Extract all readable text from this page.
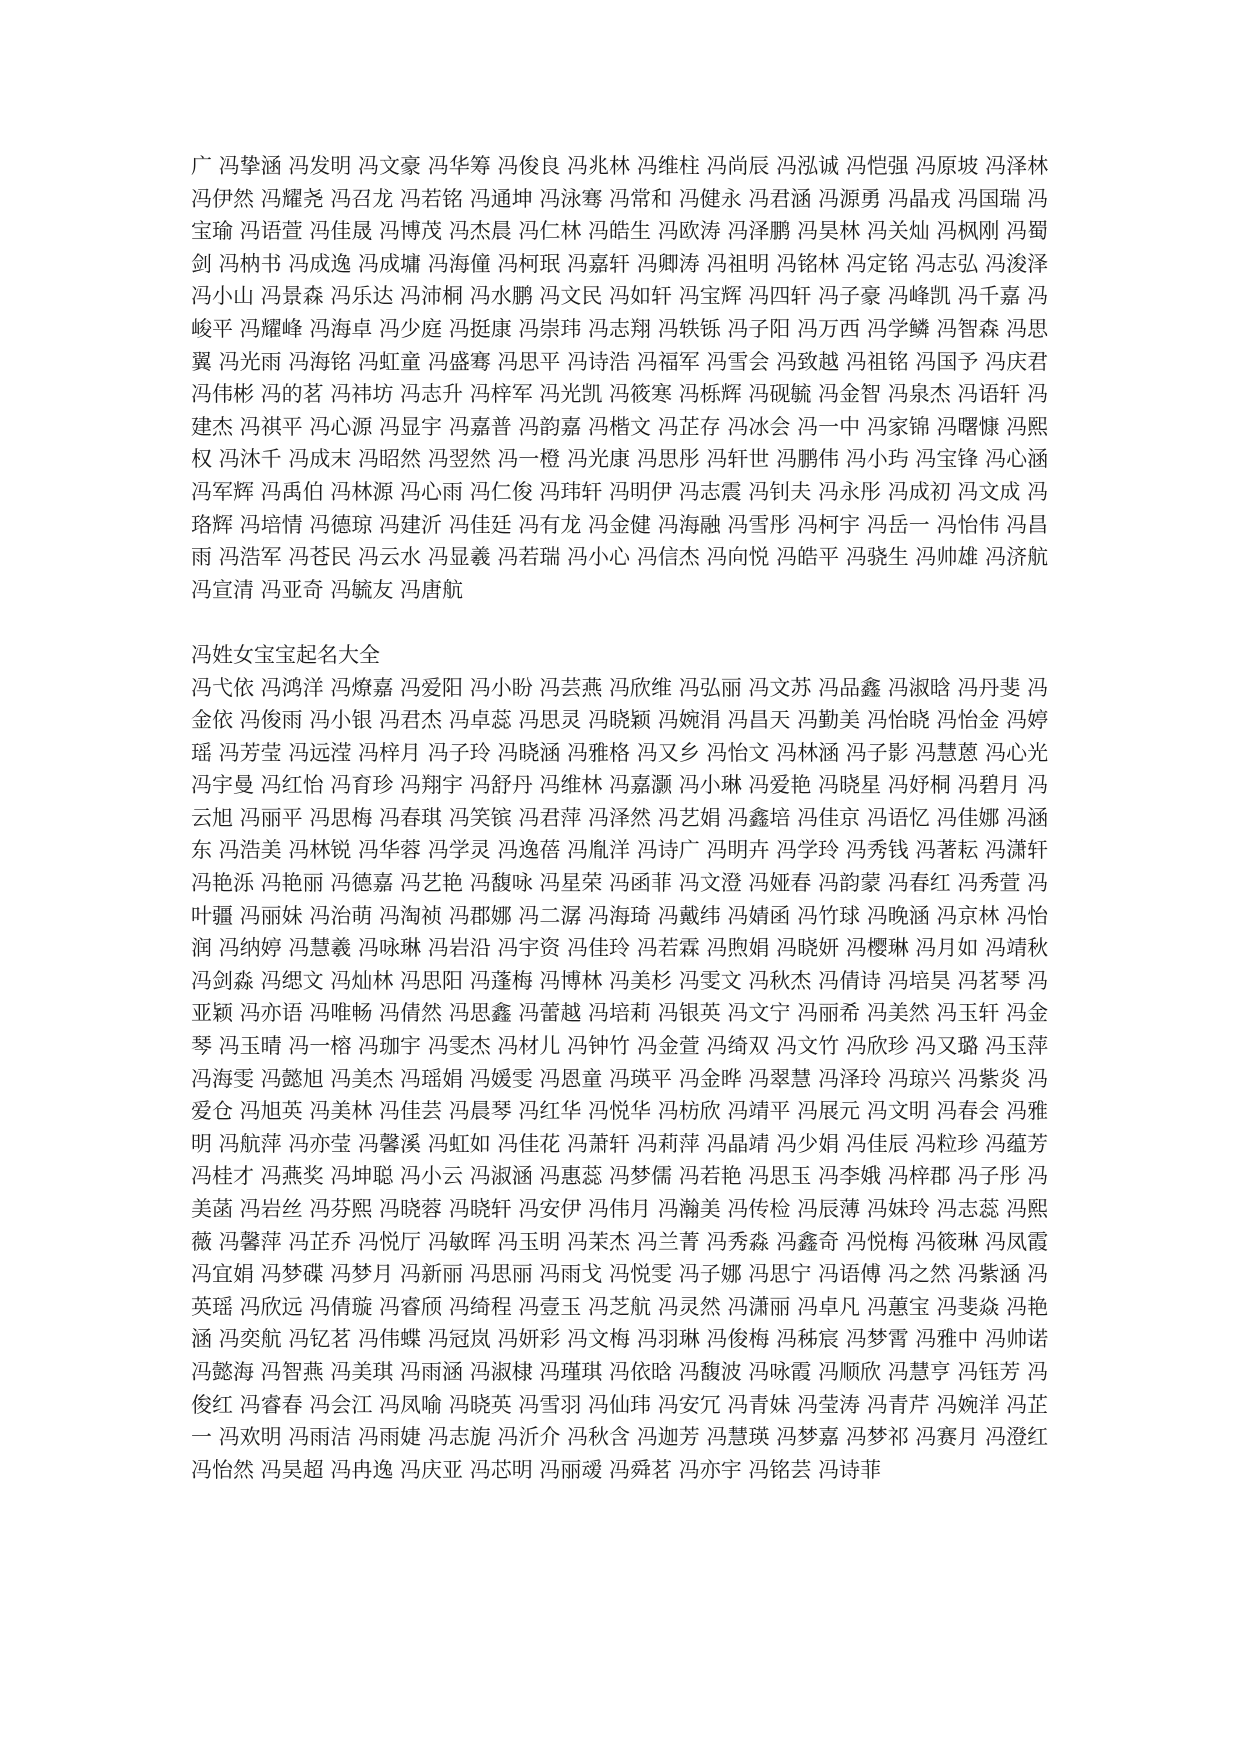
广 冯挚涵 冯发明 冯文豪 冯华筹 冯俊良 冯兆林 冯维柱 冯尚辰 冯泓诚 冯恺强 冯原坡 冯泽林 冯伊然 冯耀尧 冯召龙 冯若铭 冯通坤 冯泳骞 冯常和 冯健永 冯君涵 冯源勇 冯晶戎 冯国瑞 冯宝瑜 冯语萱 冯佳晟 冯博茂 冯杰晨 冯仁林 冯皓生 冯欧涛 冯泽鹏 冯昊林 冯关灿 冯枫刚 冯蜀剑 冯枘书 冯成逸 冯成墉 冯海僮 冯柯珉 冯嘉轩 冯卿涛 冯祖明 冯铭林 冯定铭 冯志弘 冯浚泽 冯小山 冯景森 冯乐达 冯沛桐 冯水鹏 冯文民 冯如轩 冯宝辉 冯四轩 冯子豪 冯峰凯 冯千嘉 冯峻平 冯耀峰 冯海卓 冯少庭 冯挺康 冯崇玮 冯志翔 冯轶铄 冯子阳 冯万西 冯学鳞 冯智森 冯思翼 冯光雨 冯海铭 冯虹童 冯盛骞 冯思平 冯诗浩 冯福军 冯雪会 冯致越 冯祖铭 冯国予 冯庆君 冯伟彬 冯的茗 冯祎坊 冯志升 冯梓军 冯光凯 冯筱寒 冯栎辉 冯砚毓 冯金智 冯泉杰 冯语轩 冯建杰 冯祺平 冯心源 冯显宇 冯嘉普 冯韵嘉 冯楷文 冯芷存 冯冰会 冯一中 冯家锦 冯曙慷 冯熙权 冯沐千 冯成末 冯昭然 冯翌然 冯一橙 冯光康 冯思彤 冯轩世 冯鹏伟 冯小玙 冯宝锋 冯心涵 冯军辉 冯禹伯 冯林源 冯心雨 冯仁俊 冯玮轩 冯明伊 冯志震 冯钊夫 冯永彤 冯成初 冯文成 冯珞辉 冯培情 冯德琼 冯建沂 冯佳廷 冯有龙 冯金健 冯海融 冯雪彤 冯柯宇 冯岳一 冯怡伟 冯昌雨 冯浩军 冯苍民 冯云水 冯显羲 冯若瑞 冯小心 冯信杰 冯向悦 冯皓平 冯骁生 冯帅雄 冯济航 冯宣清 冯亚奇 冯毓友 冯唐航

冯姓女宝宝起名大全

冯弋依 冯鸿洋 冯燎嘉 冯爱阳 冯小盼 冯芸燕 冯欣维 冯弘丽 冯文苏 冯品鑫 冯淑晗 冯丹斐 冯金依 冯俊雨 冯小银 冯君杰 冯卓蕊 冯思灵 冯晓颖 冯婉涓 冯昌天 冯勤美 冯怡晓 冯怡金 冯婷瑶 冯芳莹 冯远滢 冯梓月 冯子玲 冯晓涵 冯雅格 冯又乡 冯怡文 冯林涵 冯子影 冯慧蒽 冯心光 冯宇曼 冯红怡 冯育珍 冯翔宇 冯舒丹 冯维林 冯嘉灏 冯小琳 冯爱艳 冯晓星 冯妤桐 冯碧月 冯云旭 冯丽平 冯思梅 冯春琪 冯笑镔 冯君萍 冯泽然 冯艺娟 冯鑫培 冯佳京 冯语忆 冯佳娜 冯涵东 冯浩美 冯林锐 冯华蓉 冯学灵 冯逸蓓 冯胤洋 冯诗广 冯明卉 冯学玲 冯秀钱 冯著耘 冯潇轩 冯艳泺 冯艳丽 冯德嘉 冯艺艳 冯馥咏 冯星荣 冯函菲 冯文澄 冯娅春 冯韵蒙 冯春红 冯秀萱 冯叶疆 冯丽妹 冯治萌 冯淘祯 冯郡娜 冯二潺 冯海琦 冯戴纬 冯婧函 冯竹球 冯晚涵 冯京林 冯怡润 冯纳婷 冯慧羲 冯咏琳 冯岩沿 冯宇资 冯佳玲 冯若霖 冯煦娟 冯晓妍 冯樱琳 冯月如 冯靖秋 冯剑淼 冯缌文 冯灿林 冯思阳 冯蓬梅 冯博林 冯美杉 冯雯文 冯秋杰 冯倩诗 冯培昊 冯茗琴 冯亚颖 冯亦语 冯唯畅 冯倩然 冯思鑫 冯蕾越 冯培莉 冯银英 冯文宁 冯丽希 冯美然 冯玉轩 冯金琴 冯玉晴 冯一榕 冯珈宇 冯雯杰 冯材儿 冯钟竹 冯金萱 冯绮双 冯文竹 冯欣珍 冯又璐 冯玉萍 冯海雯 冯懿旭 冯美杰 冯瑶娟 冯媛雯 冯恩童 冯瑛平 冯金晔 冯翠慧 冯泽玲 冯琼兴 冯紫炎 冯爱仓 冯旭英 冯美林 冯佳芸 冯晨琴 冯红华 冯悦华 冯枋欣 冯靖平 冯展元 冯文明 冯春会 冯雅明 冯航萍 冯亦莹 冯馨溪 冯虹如 冯佳花 冯萧轩 冯莉萍 冯晶靖 冯少娟 冯佳辰 冯粒珍 冯蕴芳 冯桂才 冯燕奖 冯坤聪 冯小云 冯淑涵 冯惠蕊 冯梦儒 冯若艳 冯思玉 冯李娥 冯梓郡 冯子彤 冯美菡 冯岩丝 冯芬熙 冯晓蓉 冯晓轩 冯安伊 冯伟月 冯瀚美 冯传检 冯辰薄 冯妹玲 冯志蕊 冯熙薇 冯馨萍 冯芷乔 冯悦厅 冯敏晖 冯玉明 冯茉杰 冯兰菁 冯秀淼 冯鑫奇 冯悦梅 冯筱琳 冯凤霞 冯宜娟 冯梦碟 冯梦月 冯新丽 冯思丽 冯雨戈 冯悦雯 冯子娜 冯思宁 冯语傅 冯之然 冯紫涵 冯英瑶 冯欣远 冯倩璇 冯睿颀 冯绮程 冯壹玉 冯芝航 冯灵然 冯潇丽 冯卓凡 冯蕙宝 冯斐焱 冯艳涵 冯奕航 冯钇茗 冯伟蝶 冯冠岚 冯妍彩 冯文梅 冯羽琳 冯俊梅 冯秭宸 冯梦霄 冯雅中 冯帅诺 冯懿海 冯智燕 冯美琪 冯雨涵 冯淑棣 冯瑾琪 冯依晗 冯馥波 冯咏霞 冯顺欣 冯慧亨 冯钰芳 冯俊红 冯睿春 冯会江 冯凤喻 冯晓英 冯雪羽 冯仙玮 冯安冗 冯青妹 冯莹涛 冯青芹 冯婉洋 冯芷一 冯欢明 冯雨洁 冯雨婕 冯志旎 冯沂介 冯秋含 冯迦芳 冯慧瑛 冯梦嘉 冯梦祁 冯赛月 冯澄红 冯怡然 冯昊超 冯冉逸 冯庆亚 冯芯明 冯丽叆 冯舜茗 冯亦宇 冯铭芸 冯诗菲
